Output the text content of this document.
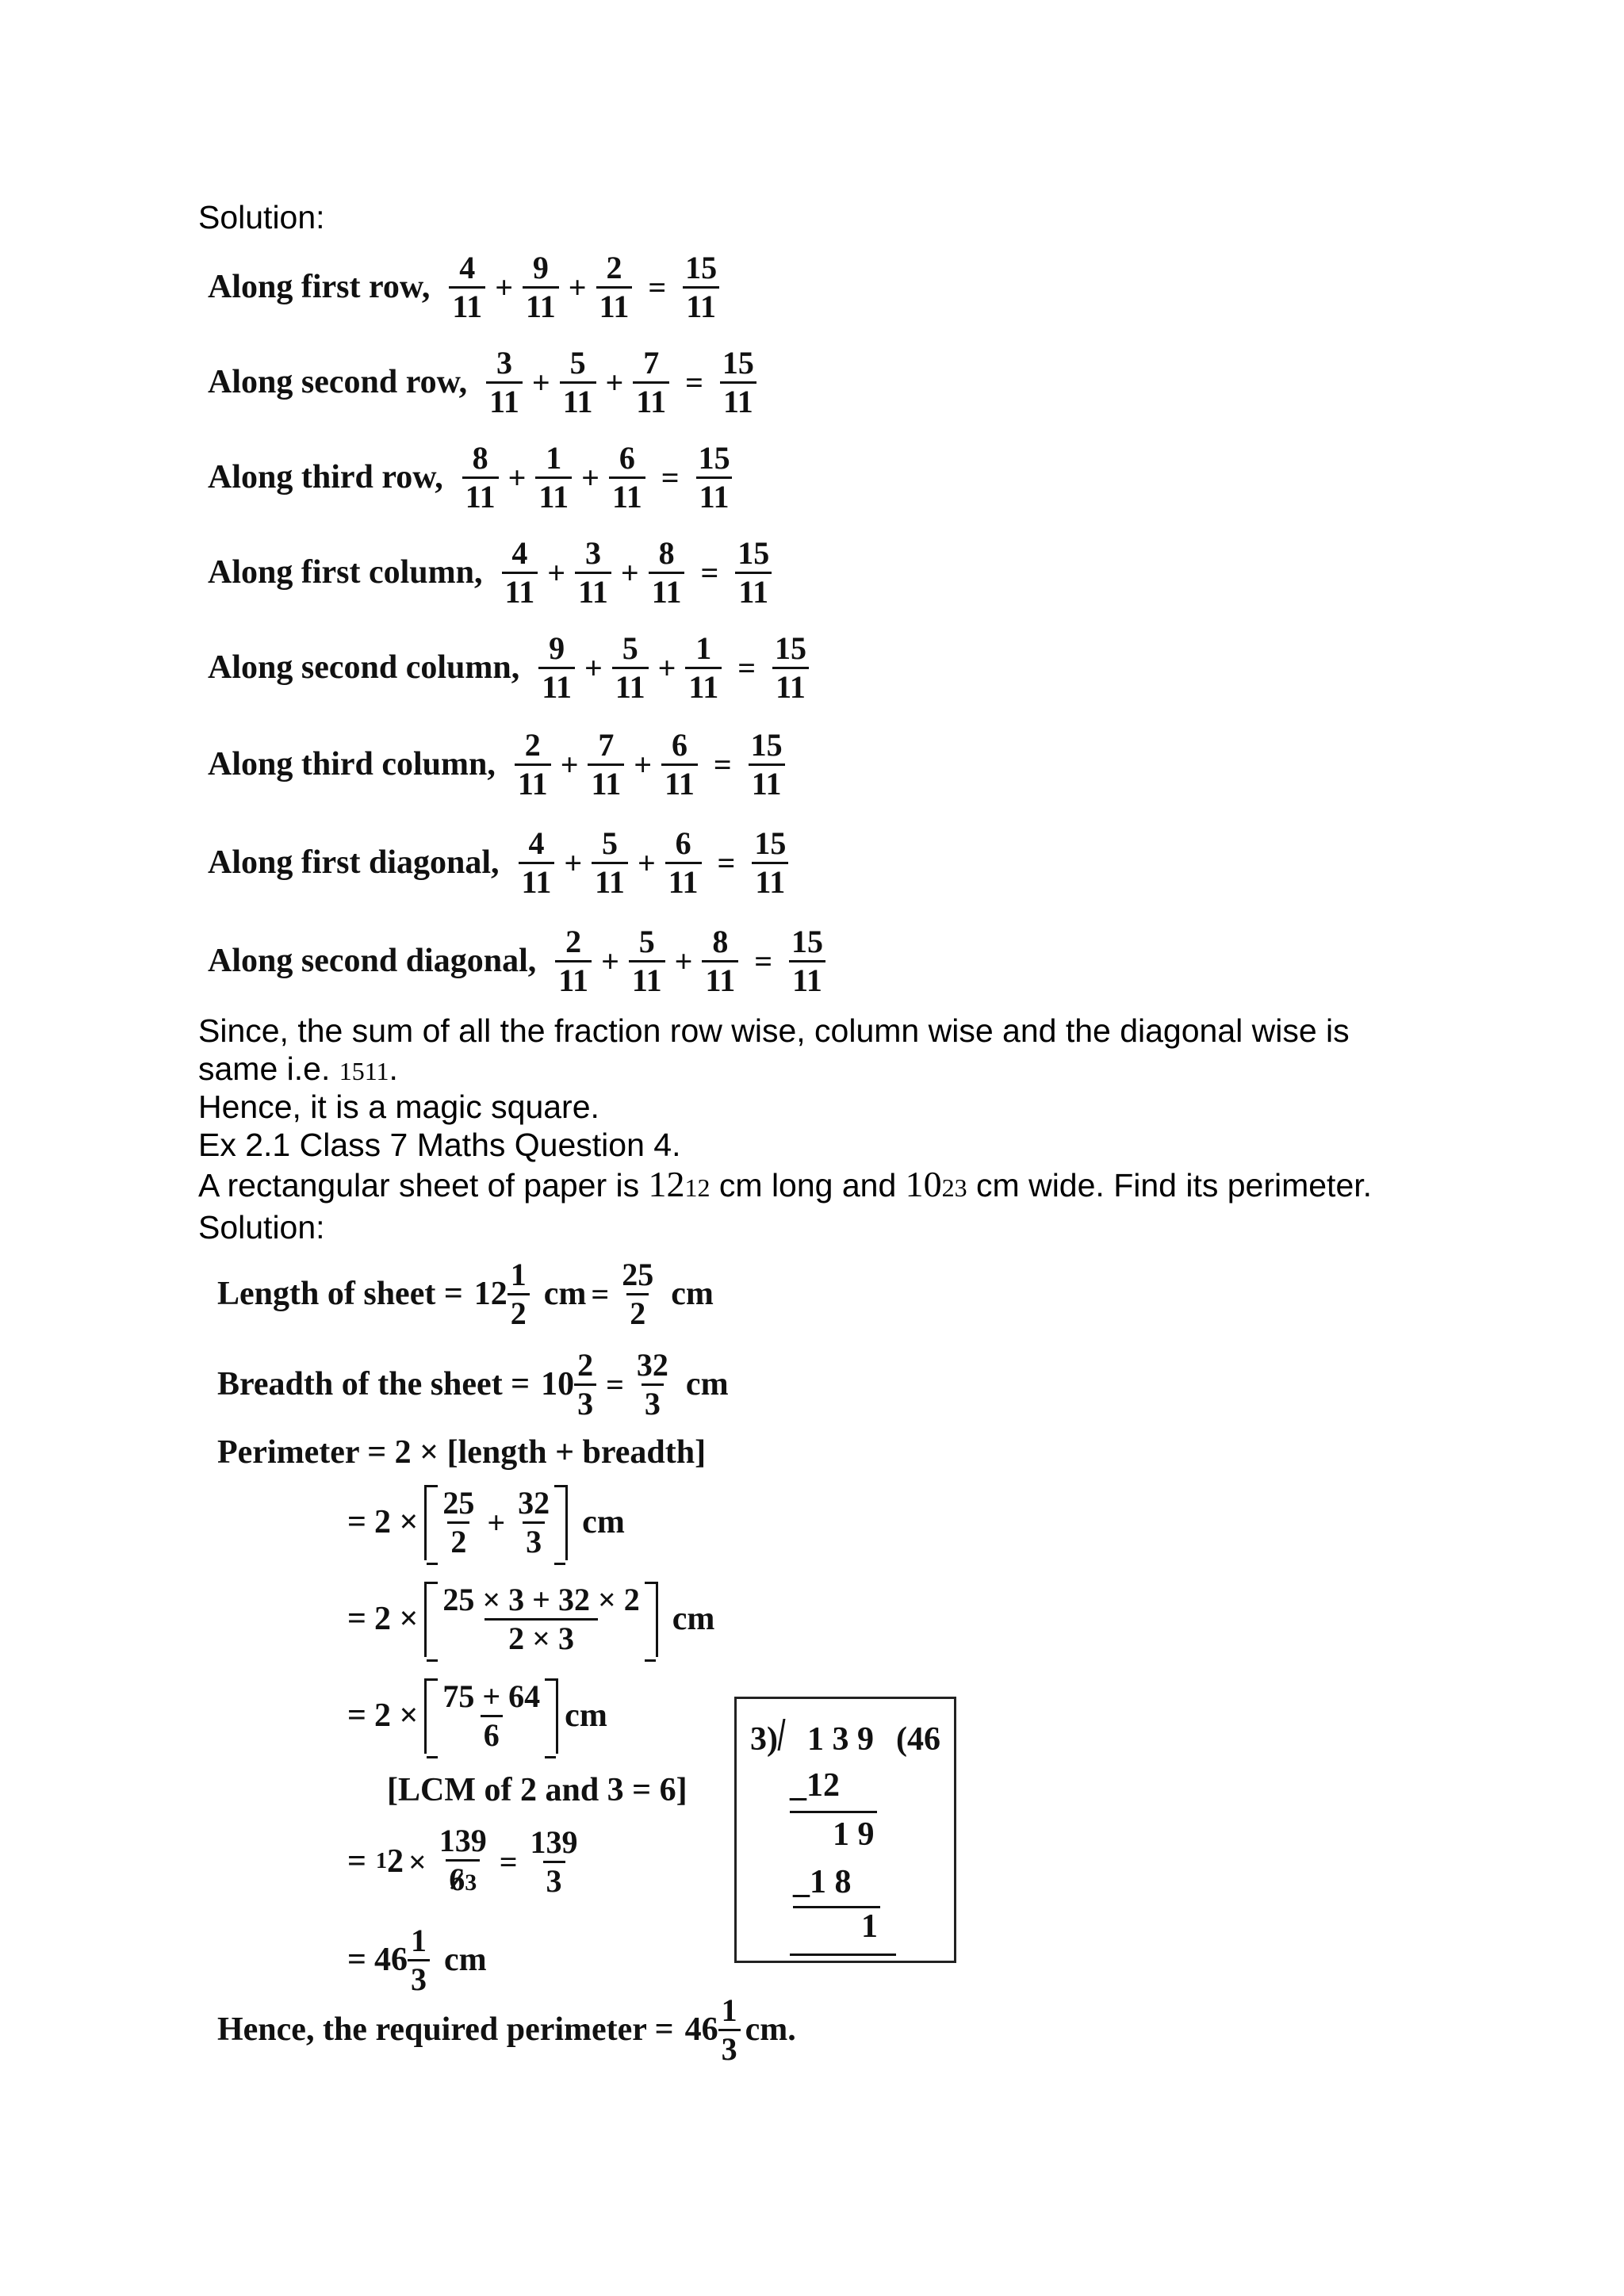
Solution:
Along first row, $\frac{4}{11} + \frac{9}{11} + \frac{2}{11} = \frac{15}{11}$
Along second row, $\frac{3}{11} + \frac{5}{11} + \frac{7}{11} = \frac{15}{11}$
Along third row, $\frac{8}{11} + \frac{1}{11} + \frac{6}{11} = \frac{15}{11}$
Along first column, $\frac{4}{11} + \frac{3}{11} + \frac{8}{11} = \frac{15}{11}$
Along second column, $\frac{9}{11} + \frac{5}{11} + \frac{1}{11} = \frac{15}{11}$
Along third column, $\frac{2}{11} + \frac{7}{11} + \frac{6}{11} = \frac{15}{11}$
Along first diagonal, $\frac{4}{11} + \frac{5}{11} + \frac{6}{11} = \frac{15}{11}$
Along second diagonal, $\frac{2}{11} + \frac{5}{11} + \frac{8}{11} = \frac{15}{11}$
Since, the sum of all the fraction row wise, column wise and the diagonal wise is
same i.e. 1511.
Hence, it is a magic square.
Ex 2.1 Class 7 Maths Question 4.
A rectangular sheet of paper is 1212 cm long and 1023 cm wide. Find its perimeter.
Solution:
Length of sheet = $12 \frac{1}{2}$ cm = $\frac{25}{2}$ cm
Breadth of the sheet = $10 \frac{2}{3} = \frac{32}{3}$ cm
Perimeter = 2 × [length + breadth]
= $2 \times \frac{25}{2} + \frac{32}{3}$ cm
= $2 \times \frac{25 \times 3 + 32 \times 2}{2 \times 3}$ cm
= $2 \times \frac{75 + 64}{6}$ cm
[LCM of 2 and 3 = 6]
= 1 $2 \times \frac{139}{63} = \frac{139}{3}$
= $46 \frac{1}{3}$ cm
Hence, the required perimeter = $46 \frac{1}{3}$ cm.
3) 1 3 9 (46
_12
1 9
_1 8
1
